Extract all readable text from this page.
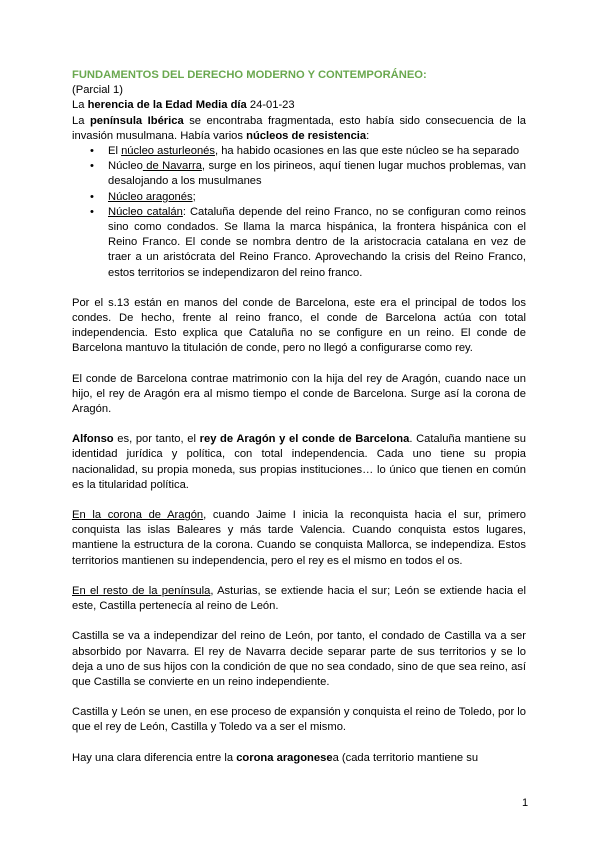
FUNDAMENTOS DEL DERECHO MODERNO Y CONTEMPORÁNEO:

(Parcial 1)

La herencia de la Edad Media día 24-01-23

La península Ibérica se encontraba fragmentada, esto había sido consecuencia de la invasión musulmana. Había varios núcleos de resistencia:

• El núcleo asturleonés, ha habido ocasiones en las que este núcleo se ha separado
• Núcleo de Navarra, surge en los pirineos, aquí tienen lugar muchos problemas, van desalojando a los musulmanes
• Núcleo aragonés;
• Núcleo catalán: Cataluña depende del reino Franco, no se configuran como reinos sino como condados. Se llama la marca hispánica, la frontera hispánica con el Reino Franco. El conde se nombra dentro de la aristocracia catalana en vez de traer a un aristócrata del Reino Franco. Aprovechando la crisis del Reino Franco, estos territorios se independizaron del reino franco.

Por el s.13 están en manos del conde de Barcelona, este era el principal de todos los condes. De hecho, frente al reino franco, el conde de Barcelona actúa con total independencia. Esto explica que Cataluña no se configure en un reino. El conde de Barcelona mantuvo la titulación de conde, pero no llegó a configurarse como rey.

El conde de Barcelona contrae matrimonio con la hija del rey de Aragón, cuando nace un hijo, el rey de Aragón era al mismo tiempo el conde de Barcelona. Surge así la corona de Aragón.

Alfonso es, por tanto, el rey de Aragón y el conde de Barcelona. Cataluña mantiene su identidad jurídica y política, con total independencia. Cada uno tiene su propia nacionalidad, su propia moneda, sus propias instituciones… lo único que tienen en común es la titularidad política.

En la corona de Aragón, cuando Jaime I inicia la reconquista hacia el sur, primero conquista las islas Baleares y más tarde Valencia. Cuando conquista estos lugares, mantiene la estructura de la corona. Cuando se conquista Mallorca, se independiza. Estos territorios mantienen su independencia, pero el rey es el mismo en todos el os.

En el resto de la península, Asturias, se extiende hacia el sur; León se extiende hacia el este, Castilla pertenecía al reino de León.

Castilla se va a independizar del reino de León, por tanto, el condado de Castilla va a ser absorbido por Navarra. El rey de Navarra decide separar parte de sus territorios y se lo deja a uno de sus hijos con la condición de que no sea condado, sino de que sea reino, así que Castilla se convierte en un reino independiente.

Castilla y León se unen, en ese proceso de expansión y conquista el reino de Toledo, por lo que el rey de León, Castilla y Toledo va a ser el mismo.

Hay una clara diferencia entre la corona aragonesea (cada territorio mantiene su

1
